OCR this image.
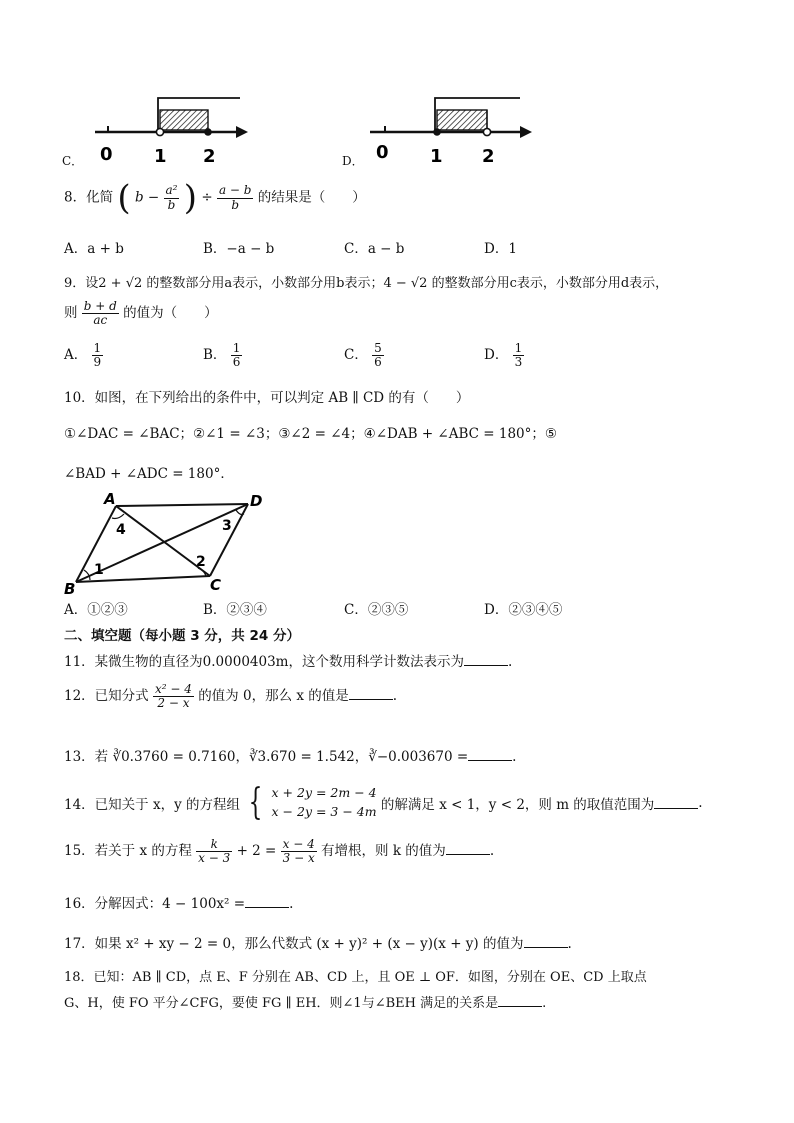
C． 0 1 2	D． 0 1 2
8．化简 ( $b - \frac{\text{a²}}{b}$ ) ÷ $\frac{a - b}{b}$ 的结果是（　　）
A．a + b	B．−a − b	C．a − b	D．1
9．设2 + √2 的整数部分用a表示，小数部分用b表示；4 − √2 的整数部分用c表示，小数部分用d表示，
则 $\frac{b + d}{ac}$ 的值为（　　）
A． $\frac{1}{9}$	B． $\frac{1}{6}$	C． $\frac{5}{6}$	D． $\frac{1}{3}$
10．如图，在下列给出的条件中，可以判定 AB ∥ CD 的有（　　）
①∠DAC = ∠BAC；②∠1 = ∠3；③∠2 = ∠4；④∠DAB + ∠ABC = 180°；⑤
∠BAD + ∠ADC = 180°．
A	D
B	C
4
1
3
2
A．①②③	B．②③④	C．②③⑤	D．②③④⑤
二、填空题（每小题 3 分，共 24 分）
11．某微生物的直径为0.0000403m，这个数用科学计数法表示为	.
12．已知分式 $\frac{\text{x² − 4}}{2 - x}$ 的值为 0，那么 x 的值是	.
13．若 ∛0.3760 = 0.7160，∛3.670 = 1.542，∛−0.003670 =	.
14．已知关于 x，y 的方程组 { x + 2y = 2m − 4
x − 2y = 3 − 4m 的解满足 x < 1，y < 2，则 m 的取值范围为	.
15．若关于 x 的方程 $\frac{k}{x - 3} + 2 = \frac{x - 4}{3 - x}$ 有增根，则 k 的值为	.
16．分解因式：4 − 100x² =	.
17．如果 x² + xy − 2 = 0，那么代数式 (x + y)² + (x − y)(x + y) 的值为	.
18．已知：AB ∥ CD，点 E、F 分别在 AB、CD 上，且 OE ⊥ OF．如图，分别在 OE、CD 上取点
G、H，使 FO 平分∠CFG，要使 FG ∥ EH．则∠1与∠BEH 满足的关系是	.
